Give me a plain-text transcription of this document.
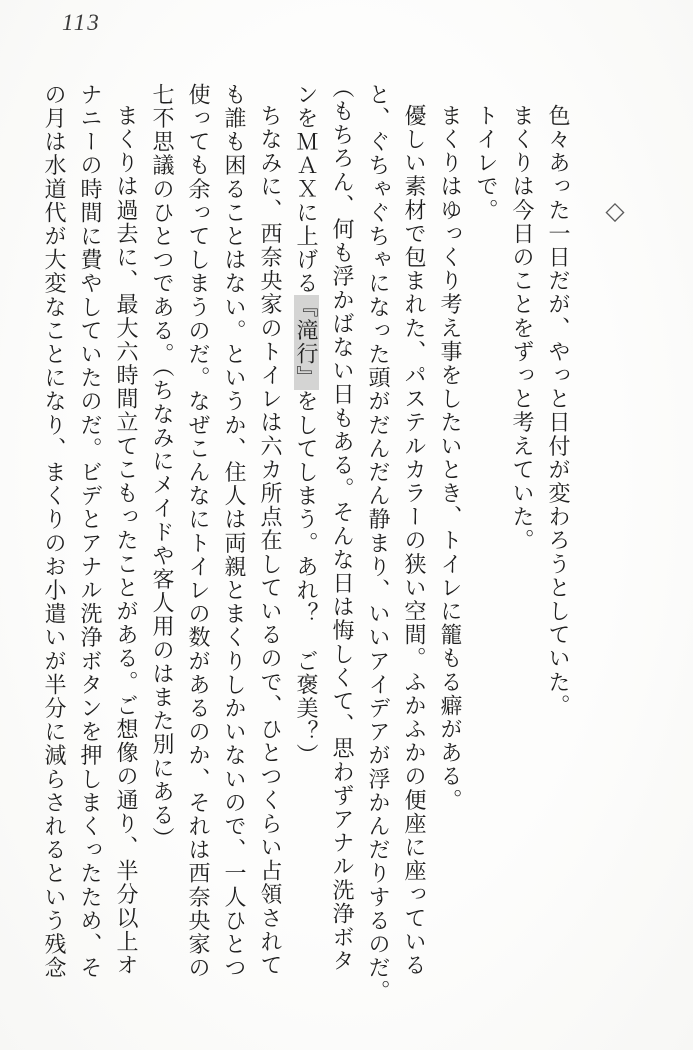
113
◇
色々あった一日だが、やっと日付が変わろうとしていた。
まくりは今日のことをずっと考えていた。
トイレで。
まくりはゆっくり考え事をしたいとき、トイレに籠もる癖がある。
優しい素材で包まれた、パステルカラーの狭い空間。ふかふかの便座に座っている
と、ぐちゃぐちゃになった頭がだんだん静まり、いいアイデアが浮かんだりするのだ。
（もちろん、何も浮かばない日もある。そんな日は悔しくて、思わずアナル洗浄ボタ
ンをＭＡＸに上げる『滝行』をしてしまう。あれ？　ご褒美？）
ちなみに、西奈央家のトイレは六カ所点在しているので、ひとつくらい占領されて
も誰も困ることはない。というか、住人は両親とまくりしかいないので、一人ひとつ
使っても余ってしまうのだ。なぜこんなにトイレの数があるのか、それは西奈央家の
七不思議のひとつである。（ちなみにメイドや客人用のはまた別にある）
まくりは過去に、最大六時間立てこもったことがある。ご想像の通り、半分以上オ
ナニーの時間に費やしていたのだ。ビデとアナル洗浄ボタンを押しまくったため、そ
の月は水道代が大変なことになり、まくりのお小遣いが半分に減らされるという残念
